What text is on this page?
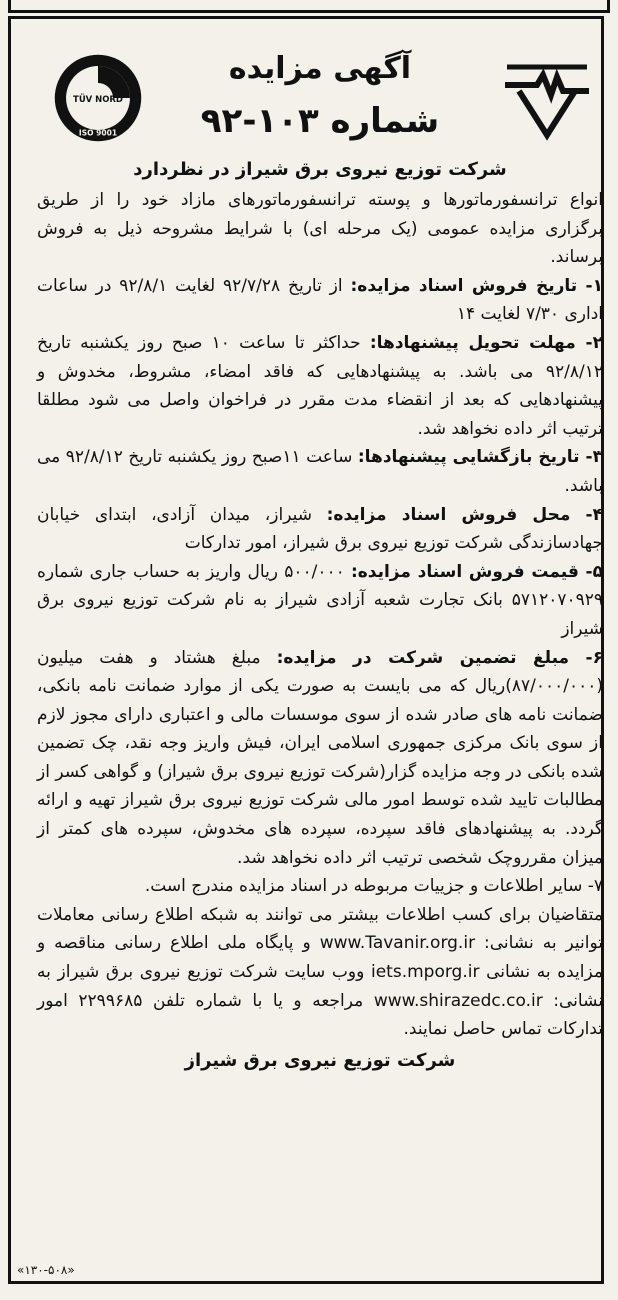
TÜV NORD
ISO 9001
آگهی مزایده
شماره ۱۰۳-۹۲
شرکت توزیع نیروی برق شیراز در نظردارد

انواع ترانسفورماتورها و پوسته ترانسفورماتورهای مازاد خود را از طریق برگزاری مزایده عمومی (یک مرحله ای) با شرایط مشروحه ذیل به فروش برساند.

۱- تاریخ فروش اسناد مزایده: از تاریخ ۹۲/۷/۲۸ لغایت ۹۲/۸/۱ در ساعات اداری ۷/۳۰ لغایت ۱۴

۲- مهلت تحویل پیشنهادها: حداکثر تا ساعت ۱۰ صبح روز یکشنبه تاریخ ۹۲/۸/۱۲ می باشد. به پیشنهادهایی که فاقد امضاء، مشروط، مخدوش و پیشنهادهایی که بعد از انقضاء مدت مقرر در فراخوان واصل می شود مطلقا ترتیب اثر داده نخواهد شد.

۳- تاریخ بازگشایی پیشنهادها: ساعت ۱۱صبح روز یکشنبه تاریخ ۹۲/۸/۱۲ می باشد.

۴- محل فروش اسناد مزایده: شیراز، میدان آزادی، ابتدای خیابان جهادسازندگی شرکت توزیع نیروی برق شیراز، امور تدارکات

۵- قیمت فروش اسناد مزایده: ۵۰۰/۰۰۰ ریال واریز به حساب جاری شماره ۵۷۱۲۰۷۰۹۲۹ بانک تجارت شعبه آزادی شیراز به نام شرکت توزیع نیروی برق شیراز

۶- مبلغ تضمین شرکت در مزایده: مبلغ هشتاد و هفت میلیون (۸۷/۰۰۰/۰۰۰)ریال که می بایست به صورت یکی از موارد ضمانت نامه بانکی، ضمانت نامه های صادر شده از سوی موسسات مالی و اعتباری دارای مجوز لازم از سوی بانک مرکزی جمهوری اسلامی ایران، فیش واریز وجه نقد، چک تضمین شده بانکی در وجه مزایده گزار(شرکت توزیع نیروی برق شیراز) و گواهی کسر از مطالبات تایید شده توسط امور مالی شرکت توزیع نیروی برق شیراز تهیه و ارائه گردد. به پیشنهادهای فاقد سپرده، سپرده های مخدوش، سپرده های کمتر از میزان مقرروچک شخصی ترتیب اثر داده نخواهد شد.

۷- سایر اطلاعات و جزییات مربوطه در اسناد مزایده مندرج است.

متقاضیان برای کسب اطلاعات بیشتر می توانند به شبکه اطلاع رسانی معاملات توانیر به نشانی: www.Tavanir.org.ir و پایگاه ملی اطلاع رسانی مناقصه و مزایده به نشانی iets.mporg.ir ووب سایت شرکت توزیع نیروی برق شیراز به نشانی: www.shirazedc.co.ir مراجعه و یا با شماره تلفن ۲۲۹۹۶۸۵ امور تدارکات تماس حاصل نمایند.

شرکت توزیع نیروی برق شیراز
«۱۳۰-۵۰۸»
